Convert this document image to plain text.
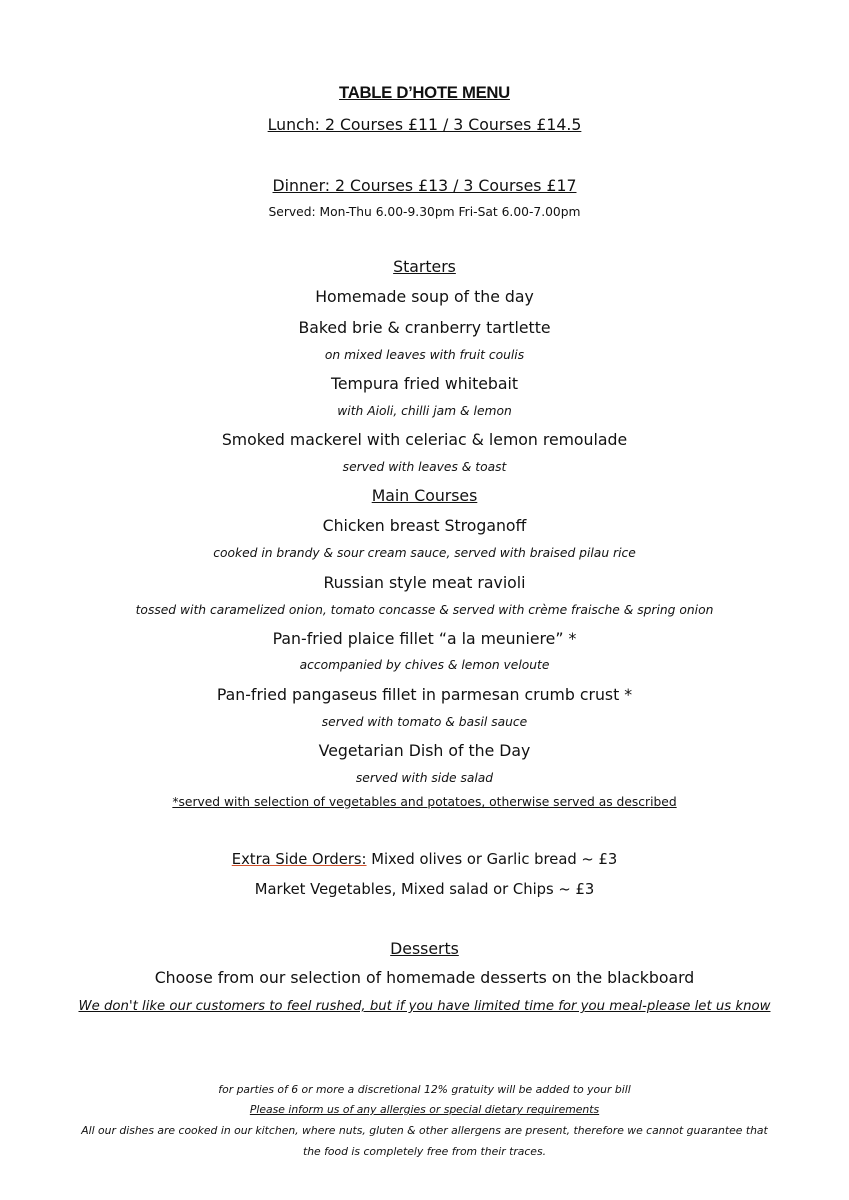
TABLE D’HOTE MENU
Lunch: 2 Courses £11 / 3 Courses £14.5
Dinner: 2 Courses £13 / 3 Courses £17
Served: Mon-Thu 6.00-9.30pm Fri-Sat 6.00-7.00pm
Starters
Homemade soup of the day
Baked brie & cranberry tartlette
on mixed leaves with fruit coulis
Tempura fried whitebait
with Aioli, chilli jam & lemon
Smoked mackerel with celeriac & lemon remoulade
served with leaves & toast
Main Courses
Chicken breast Stroganoff
cooked in brandy & sour cream sauce, served with braised pilau rice
Russian style meat ravioli
tossed with caramelized onion, tomato concasse & served with crème fraische & spring onion
Pan-fried plaice fillet “a la meuniere” *
accompanied by chives & lemon veloute
Pan-fried pangaseus fillet in parmesan crumb crust *
served with tomato & basil sauce
Vegetarian Dish of the Day
served with side salad
*served with selection of vegetables and potatoes, otherwise served as described
Extra Side Orders: Mixed olives or Garlic bread ~ £3
Market Vegetables, Mixed salad or Chips ~ £3
Desserts
Choose from our selection of homemade desserts on the blackboard
We don't like our customers to feel rushed, but if you have limited time for you meal-please let us know
for parties of 6 or more a discretional 12% gratuity will be added to your bill
Please inform us of any allergies or special dietary requirements
All our dishes are cooked in our kitchen, where nuts, gluten & other allergens are present, therefore we cannot guarantee that
the food is completely free from their traces.
